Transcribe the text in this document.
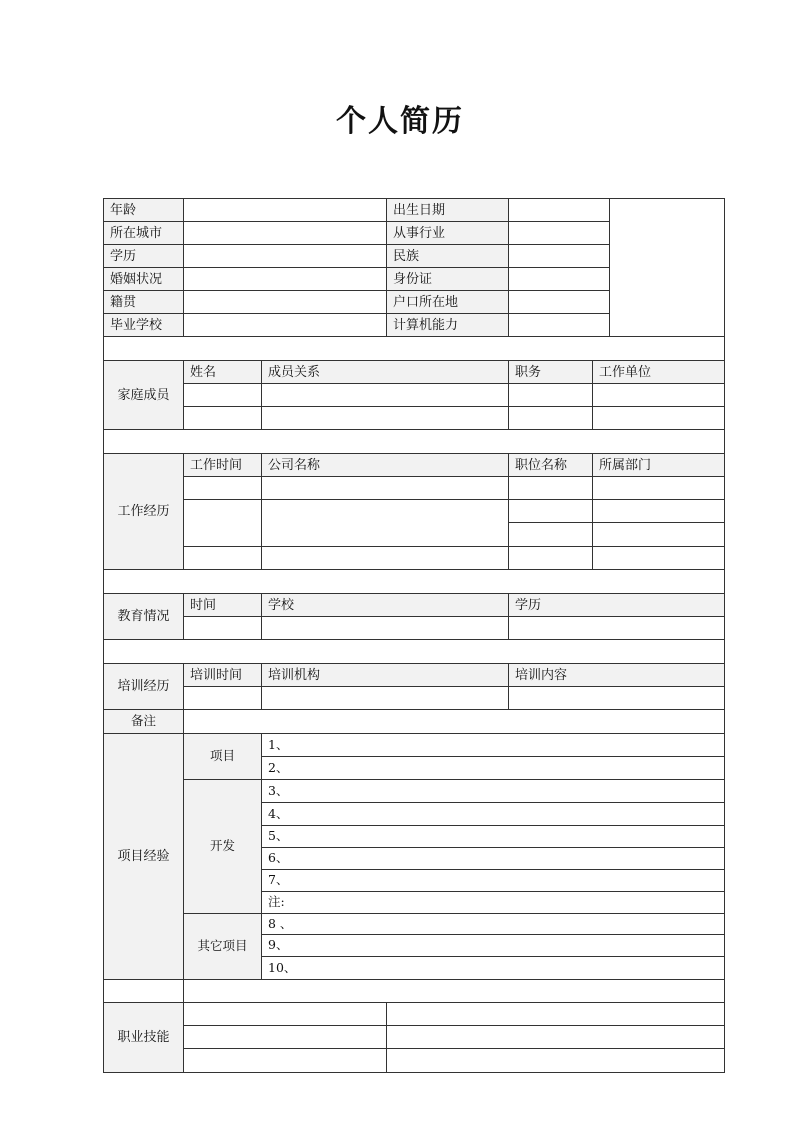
个人简历
年龄			出生日期			
所在城市			从事行业			
学历			民族			
婚姻状况			身份证			
籍贯			户口所在地			
毕业学校			计算机能力			

家庭成员	姓名	成员关系		职务	工作单位	

工作经历	工作时间	公司名称		职位名称	所属部门	

教育情况	时间	学校		学历		

培训经历	培训时间	培训机构		培训内容		

备注						
项目经验	项目	1、				
		2、				
	开发	3、				
		4、				
		5、				
		6、				
		7、				
		注:				
	其它项目	8 、				
		9、				
		10、				

职业技能						
